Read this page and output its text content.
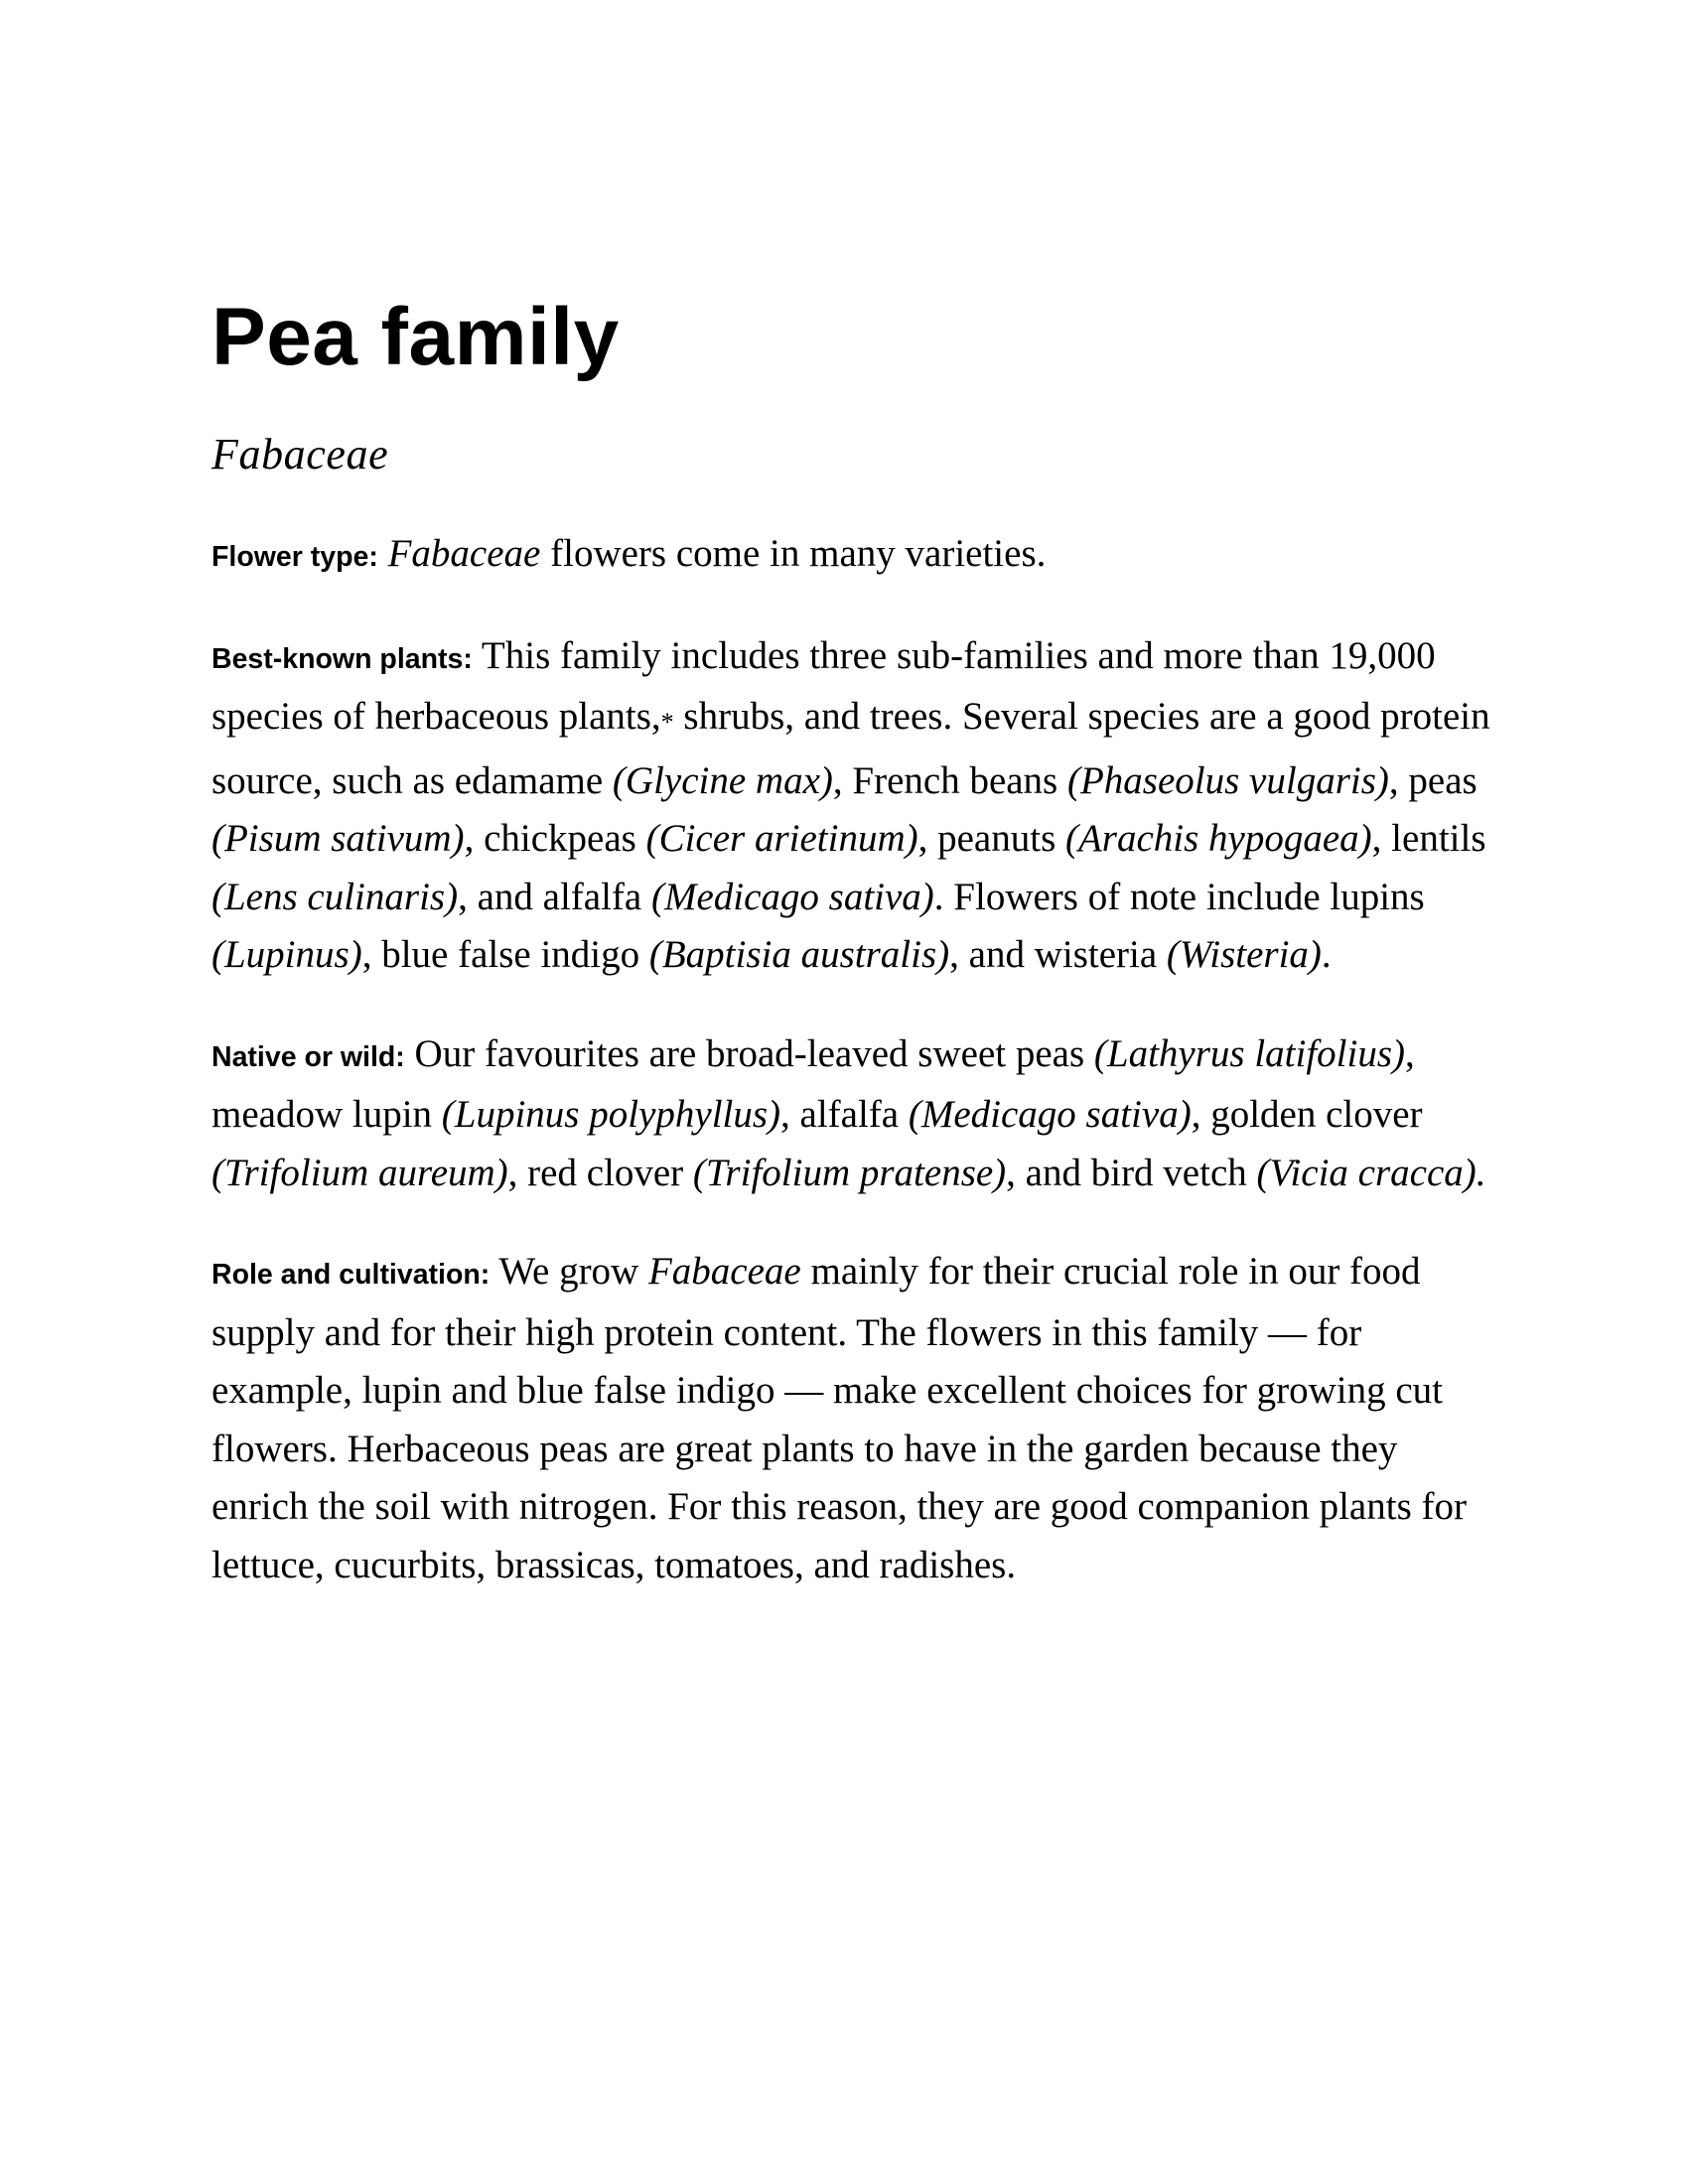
Pea family

Fabaceae

Flower type: Fabaceae flowers come in many varieties.

Best-known plants: This family includes three sub-families and more than 19,000 species of herbaceous plants,* shrubs, and trees. Several species are a good protein source, such as edamame (Glycine max), French beans (Phaseolus vulgaris), peas (Pisum sativum), chickpeas (Cicer arietinum), peanuts (Arachis hypogaea), lentils (Lens culinaris), and alfalfa (Medicago sativa). Flowers of note include lupins (Lupinus), blue false indigo (Baptisia australis), and wisteria (Wisteria).

Native or wild: Our favourites are broad-leaved sweet peas (Lathyrus latifolius), meadow lupin (Lupinus polyphyllus), alfalfa (Medicago sativa), golden clover (Trifolium aureum), red clover (Trifolium pratense), and bird vetch (Vicia cracca).

Role and cultivation: We grow Fabaceae mainly for their crucial role in our food supply and for their high protein content. The flowers in this family — for example, lupin and blue false indigo — make excellent choices for growing cut flowers. Herbaceous peas are great plants to have in the garden because they enrich the soil with nitrogen. For this reason, they are good companion plants for lettuce, cucurbits, brassicas, tomatoes, and radishes.
